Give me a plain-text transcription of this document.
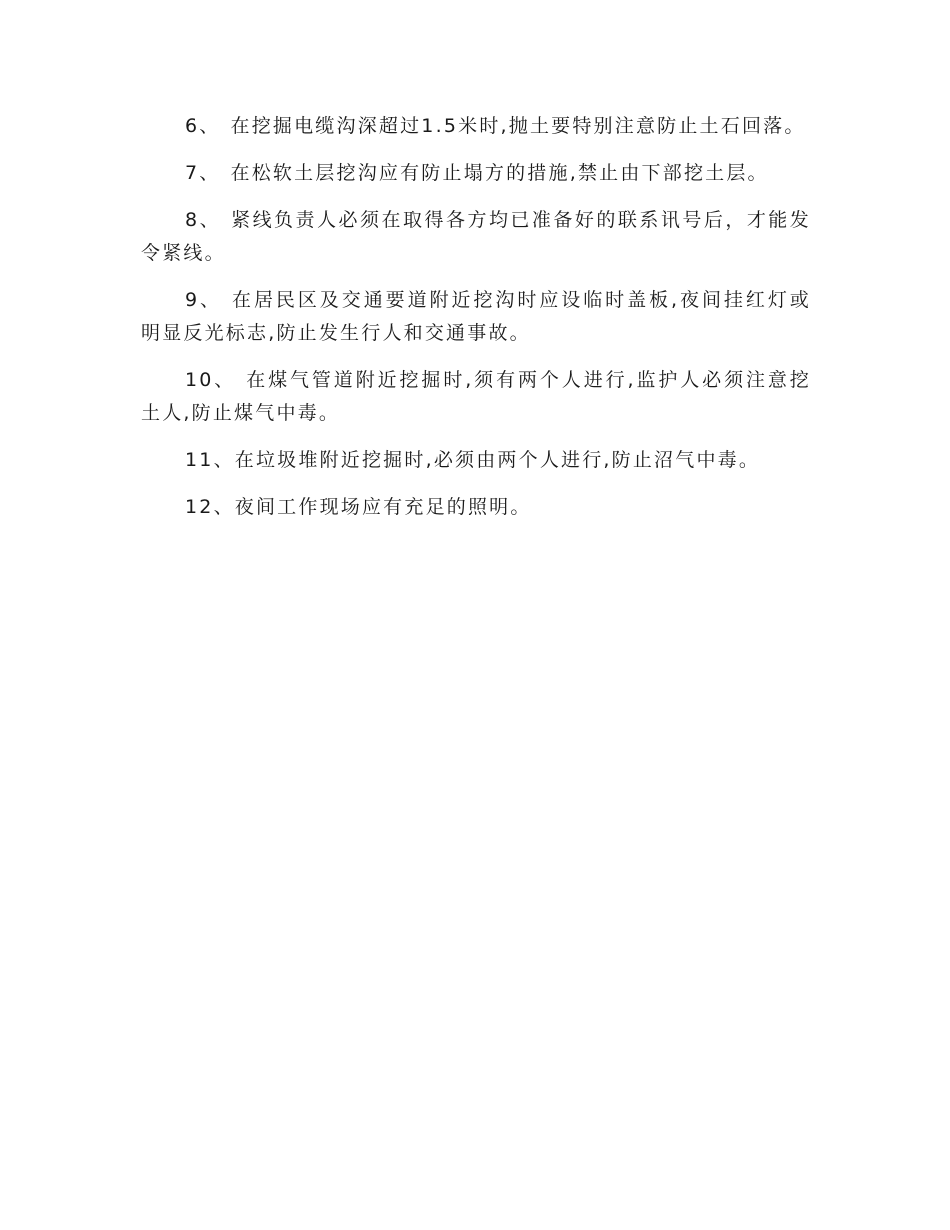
6、 在挖掘电缆沟深超过1.5米时,抛土要特别注意防止土石回落。

7、 在松软土层挖沟应有防止塌方的措施,禁止由下部挖土层。

8、 紧线负责人必须在取得各方均已准备好的联系讯号后，才能发令紧线。

9、 在居民区及交通要道附近挖沟时应设临时盖板,夜间挂红灯或明显反光标志,防止发生行人和交通事故。

10、 在煤气管道附近挖掘时,须有两个人进行,监护人必须注意挖土人,防止煤气中毒。

11、在垃圾堆附近挖掘时,必须由两个人进行,防止沼气中毒。

12、夜间工作现场应有充足的照明。
